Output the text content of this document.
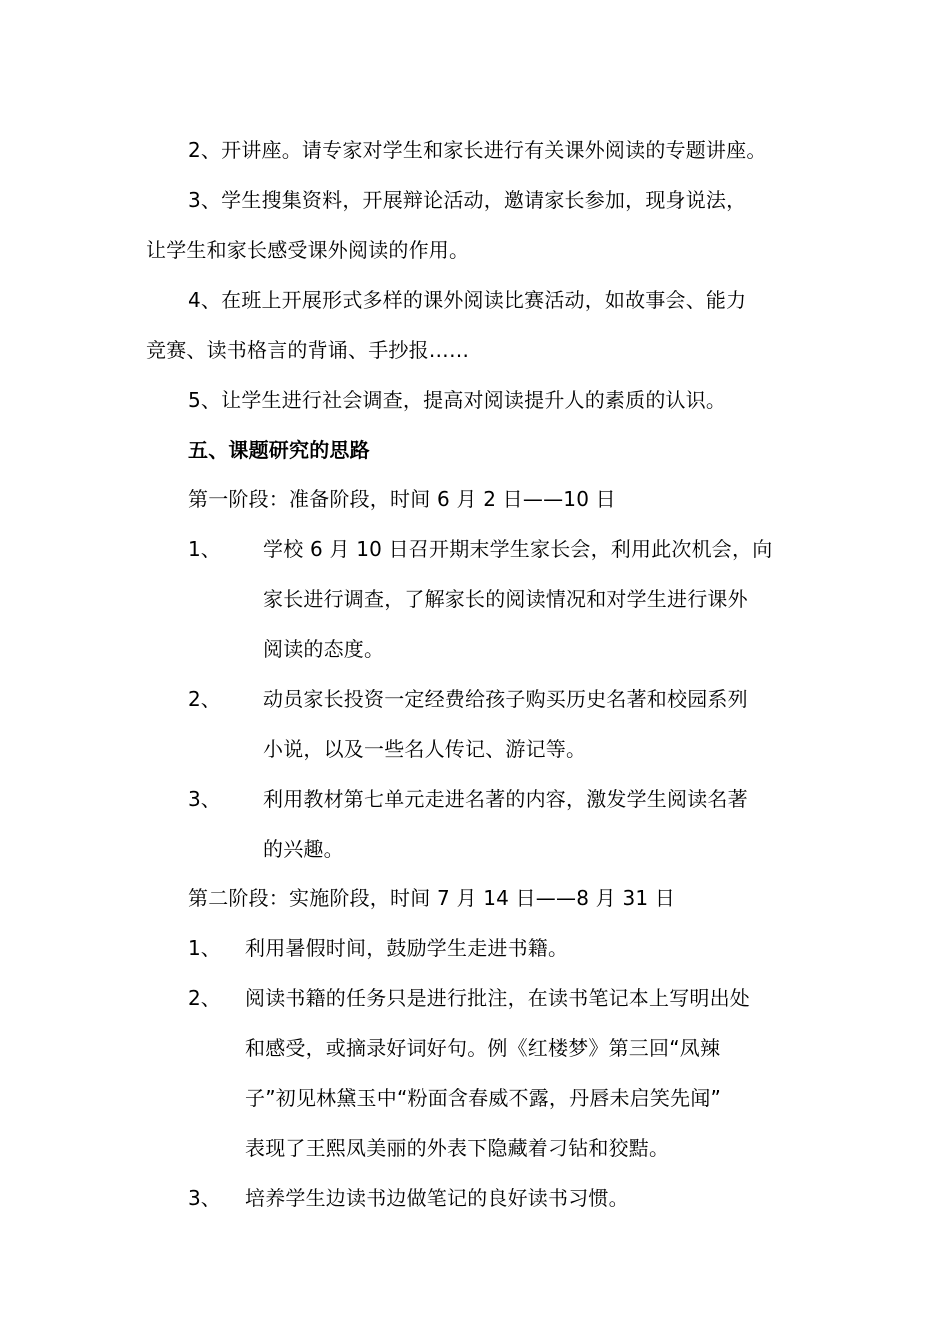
2、开讲座。请专家对学生和家长进行有关课外阅读的专题讲座。
3、学生搜集资料，开展辩论活动，邀请家长参加，现身说法，
让学生和家长感受课外阅读的作用。
4、在班上开展形式多样的课外阅读比赛活动，如故事会、能力
竞赛、读书格言的背诵、手抄报……
5、让学生进行社会调查，提高对阅读提升人的素质的认识。
五、课题研究的思路
第一阶段：准备阶段，时间 6 月 2 日——10 日
1、 学校 6 月 10 日召开期末学生家长会，利用此次机会，向
家长进行调查，了解家长的阅读情况和对学生进行课外
阅读的态度。
2、 动员家长投资一定经费给孩子购买历史名著和校园系列
小说，以及一些名人传记、游记等。
3、 利用教材第七单元走进名著的内容，激发学生阅读名著
的兴趣。
第二阶段：实施阶段，时间 7 月 14 日——8 月 31 日
1、 利用暑假时间，鼓励学生走进书籍。
2、 阅读书籍的任务只是进行批注，在读书笔记本上写明出处
和感受，或摘录好词好句。例《红楼梦》第三回“凤辣
子”初见林黛玉中“粉面含春威不露，丹唇未启笑先闻”
表现了王熙凤美丽的外表下隐藏着刁钻和狡黠。
3、 培养学生边读书边做笔记的良好读书习惯。
